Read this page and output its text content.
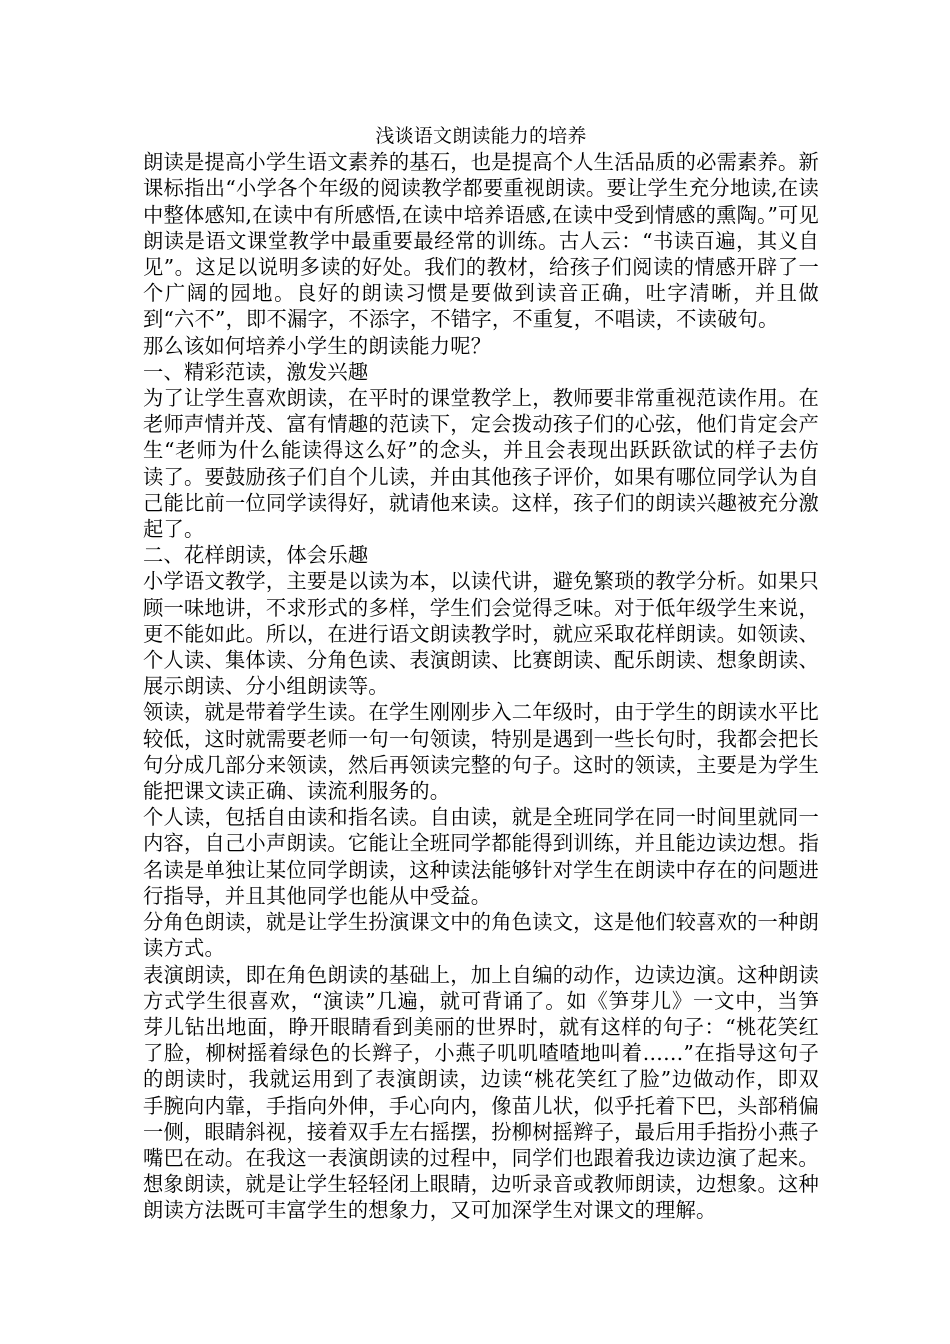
浅谈语文朗读能力的培养

朗读是提高小学生语文素养的基石，也是提高个人生活品质的必需素养。新课标指出“小学各个年级的阅读教学都要重视朗读。要让学生充分地读,在读中整体感知,在读中有所感悟,在读中培养语感,在读中受到情感的熏陶。”可见朗读是语文课堂教学中最重要最经常的训练。古人云：“书读百遍，其义自见”。这足以说明多读的好处。我们的教材，给孩子们阅读的情感开辟了一个广阔的园地。良好的朗读习惯是要做到读音正确，吐字清晰，并且做到“六不”，即不漏字，不添字，不错字，不重复，不唱读，不读破句。

那么该如何培养小学生的朗读能力呢？

一、精彩范读，激发兴趣

为了让学生喜欢朗读，在平时的课堂教学上，教师要非常重视范读作用。在老师声情并茂、富有情趣的范读下，定会拨动孩子们的心弦，他们肯定会产生“老师为什么能读得这么好”的念头，并且会表现出跃跃欲试的样子去仿读了。要鼓励孩子们自个儿读，并由其他孩子评价，如果有哪位同学认为自己能比前一位同学读得好，就请他来读。这样，孩子们的朗读兴趣被充分激起了。

二、花样朗读，体会乐趣

小学语文教学，主要是以读为本，以读代讲，避免繁琐的教学分析。如果只顾一味地讲，不求形式的多样，学生们会觉得乏味。对于低年级学生来说，更不能如此。所以，在进行语文朗读教学时，就应采取花样朗读。如领读、个人读、集体读、分角色读、表演朗读、比赛朗读、配乐朗读、想象朗读、展示朗读、分小组朗读等。

领读，就是带着学生读。在学生刚刚步入二年级时，由于学生的朗读水平比较低，这时就需要老师一句一句领读，特别是遇到一些长句时，我都会把长句分成几部分来领读，然后再领读完整的句子。这时的领读，主要是为学生能把课文读正确、读流利服务的。

个人读，包括自由读和指名读。自由读，就是全班同学在同一时间里就同一内容，自己小声朗读。它能让全班同学都能得到训练，并且能边读边想。指名读是单独让某位同学朗读，这种读法能够针对学生在朗读中存在的问题进行指导，并且其他同学也能从中受益。

分角色朗读，就是让学生扮演课文中的角色读文，这是他们较喜欢的一种朗读方式。

表演朗读，即在角色朗读的基础上，加上自编的动作，边读边演。这种朗读方式学生很喜欢，“演读”几遍，就可背诵了。如《笋芽儿》一文中，当笋芽儿钻出地面，睁开眼睛看到美丽的世界时，就有这样的句子：“桃花笑红了脸，柳树摇着绿色的长辫子，小燕子叽叽喳喳地叫着……”在指导这句子的朗读时，我就运用到了表演朗读，边读“桃花笑红了脸”边做动作，即双手腕向内靠，手指向外伸，手心向内，像苗儿状，似乎托着下巴，头部稍偏一侧，眼睛斜视，接着双手左右摇摆，扮柳树摇辫子，最后用手指扮小燕子嘴巴在动。在我这一表演朗读的过程中，同学们也跟着我边读边演了起来。

想象朗读，就是让学生轻轻闭上眼睛，边听录音或教师朗读，边想象。这种朗读方法既可丰富学生的想象力，又可加深学生对课文的理解。
